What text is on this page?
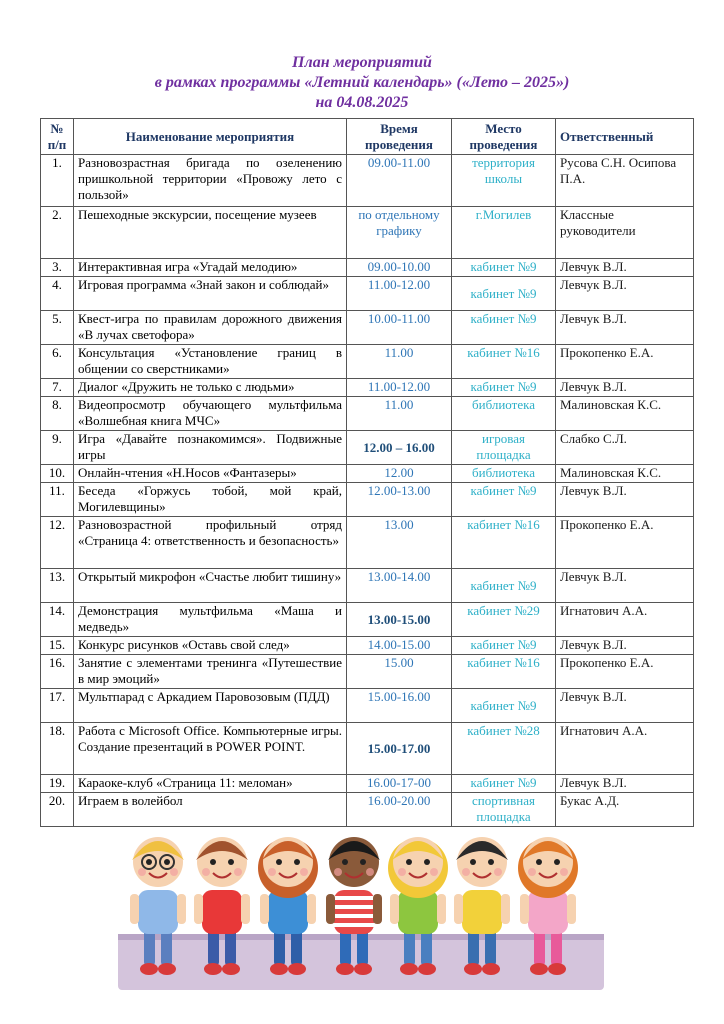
План мероприятий
в рамках программы «Летний календарь» («Лето – 2025»)
на 04.08.2025
№ п/п	Наименование мероприятия	Время проведения	Место проведения	Ответственный
1.	Разновозрастная бригада по озеленению пришкольной территории «Провожу лето с пользой»	09.00-11.00	территория школы	Русова С.Н. Осипова П.А.
2.	Пешеходные экскурсии, посещение музеев	по отдельному графику	г.Могилев	Классные руководители
3.	Интерактивная игра «Угадай мелодию»	09.00-10.00	кабинет №9	Левчук В.Л.
4.	Игровая программа «Знай закон и соблюдай»	11.00-12.00	кабинет №9	Левчук В.Л.
5.	Квест-игра по правилам дорожного движения «В лучах светофора»	10.00-11.00	кабинет №9	Левчук В.Л.
6.	Консультация «Установление границ в общении со сверстниками»	11.00	кабинет №16	Прокопенко Е.А.
7.	Диалог «Дружить не только с людьми»	11.00-12.00	кабинет №9	Левчук В.Л.
8.	Видеопросмотр обучающего мультфильма «Волшебная книга МЧС»	11.00	библиотека	Малиновская К.С.
9.	Игра «Давайте познакомимся». Подвижные игры	12.00 – 16.00	игровая площадка	Слабко С.Л.
10.	Онлайн-чтения «Н.Носов «Фантазеры»	12.00	библиотека	Малиновская К.С.
11.	Беседа «Горжусь тобой, мой край, Могилевщины»	12.00-13.00	кабинет №9	Левчук В.Л.
12.	Разновозрастной профильный отряд «Страница 4: ответственность и безопасность»	13.00	кабинет №16	Прокопенко Е.А.
13.	Открытый микрофон «Счастье любит тишину»	13.00-14.00	кабинет №9	Левчук В.Л.
14.	Демонстрация мультфильма «Маша и медведь»	13.00-15.00	кабинет №29	Игнатович А.А.
15.	Конкурс рисунков «Оставь свой след»	14.00-15.00	кабинет №9	Левчук В.Л.
16.	Занятие с элементами тренинга «Путешествие в мир эмоций»	15.00	кабинет №16	Прокопенко Е.А.
17.	Мультпарад с Аркадием Паровозовым (ПДД)	15.00-16.00	кабинет №9	Левчук В.Л.
18.	Работа с Microsoft Office. Компьютерные игры. Создание презентаций в POWER POINT.	15.00-17.00	кабинет №28	Игнатович А.А.
19.	Караоке-клуб «Страница 11: меломан»	16.00-17-00	кабинет №9	Левчук В.Л.
20.	Играем в волейбол	16.00-20.00	спортивная площадка	Букас А.Д.
